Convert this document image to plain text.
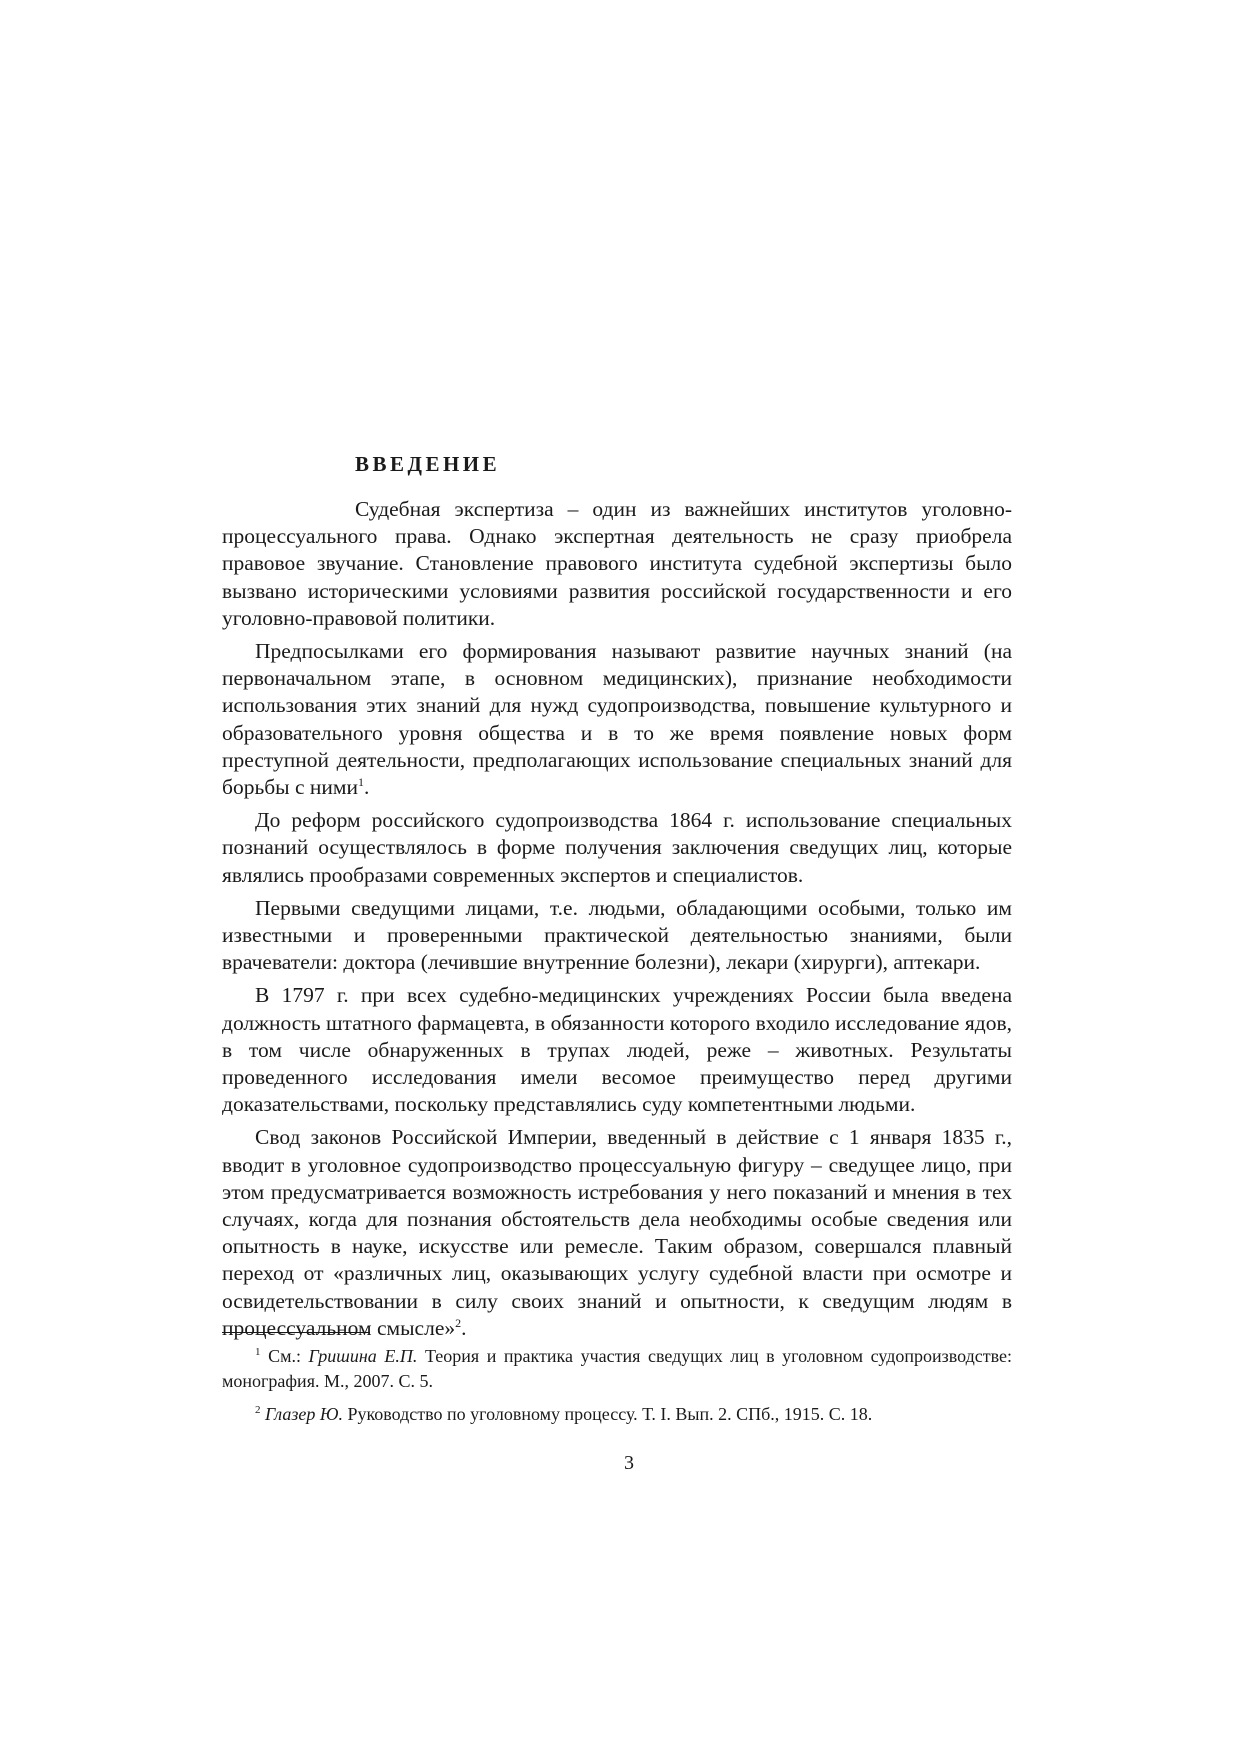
ВВЕДЕНИЕ

Судебная экспертиза – один из важнейших институтов уголовно-процессуального права. Однако экспертная деятельность не сразу приобрела правовое звучание. Становление правового института судебной экспертизы было вызвано историческими условиями развития российской государственности и его уголовно-правовой политики.

Предпосылками его формирования называют развитие научных знаний (на первоначальном этапе, в основном медицинских), признание необходимости использования этих знаний для нужд судопроизводства, повышение культурного и образовательного уровня общества и в то же время появление новых форм преступной деятельности, предполагающих использование специальных знаний для борьбы с ними$^1$.

До реформ российского судопроизводства 1864 г. использование специальных познаний осуществлялось в форме получения заключения сведущих лиц, которые являлись прообразами современных экспертов и специалистов.

Первыми сведущими лицами, т.е. людьми, обладающими особыми, только им известными и проверенными практической деятельностью знаниями, были врачеватели: доктора (лечившие внутренние болезни), лекари (хирурги), аптекари.

В 1797 г. при всех судебно-медицинских учреждениях России была введена должность штатного фармацевта, в обязанности которого входило исследование ядов, в том числе обнаруженных в трупах людей, реже – животных. Результаты проведенного исследования имели весомое преимущество перед другими доказательствами, поскольку представлялись суду компетентными людьми.

Свод законов Российской Империи, введенный в действие с 1 января 1835 г., вводит в уголовное судопроизводство процессуальную фигуру – сведущее лицо, при этом предусматривается возможность истребования у него показаний и мнения в тех случаях, когда для познания обстоятельств дела необходимы особые сведения или опытность в науке, искусстве или ремесле. Таким образом, совершался плавный переход от «различных лиц, оказывающих услугу судебной власти при осмотре и освидетельствовании в силу своих знаний и опытности, к сведущим людям в процессуальном смысле»$^2$.

$^1$ См.: Гришина Е.П. Теория и практика участия сведущих лиц в уголовном судопроизводстве: монография. М., 2007. С. 5.

$^2$ Глазер Ю. Руководство по уголовному процессу. Т. I. Вып. 2. СПб., 1915. С. 18.

3
